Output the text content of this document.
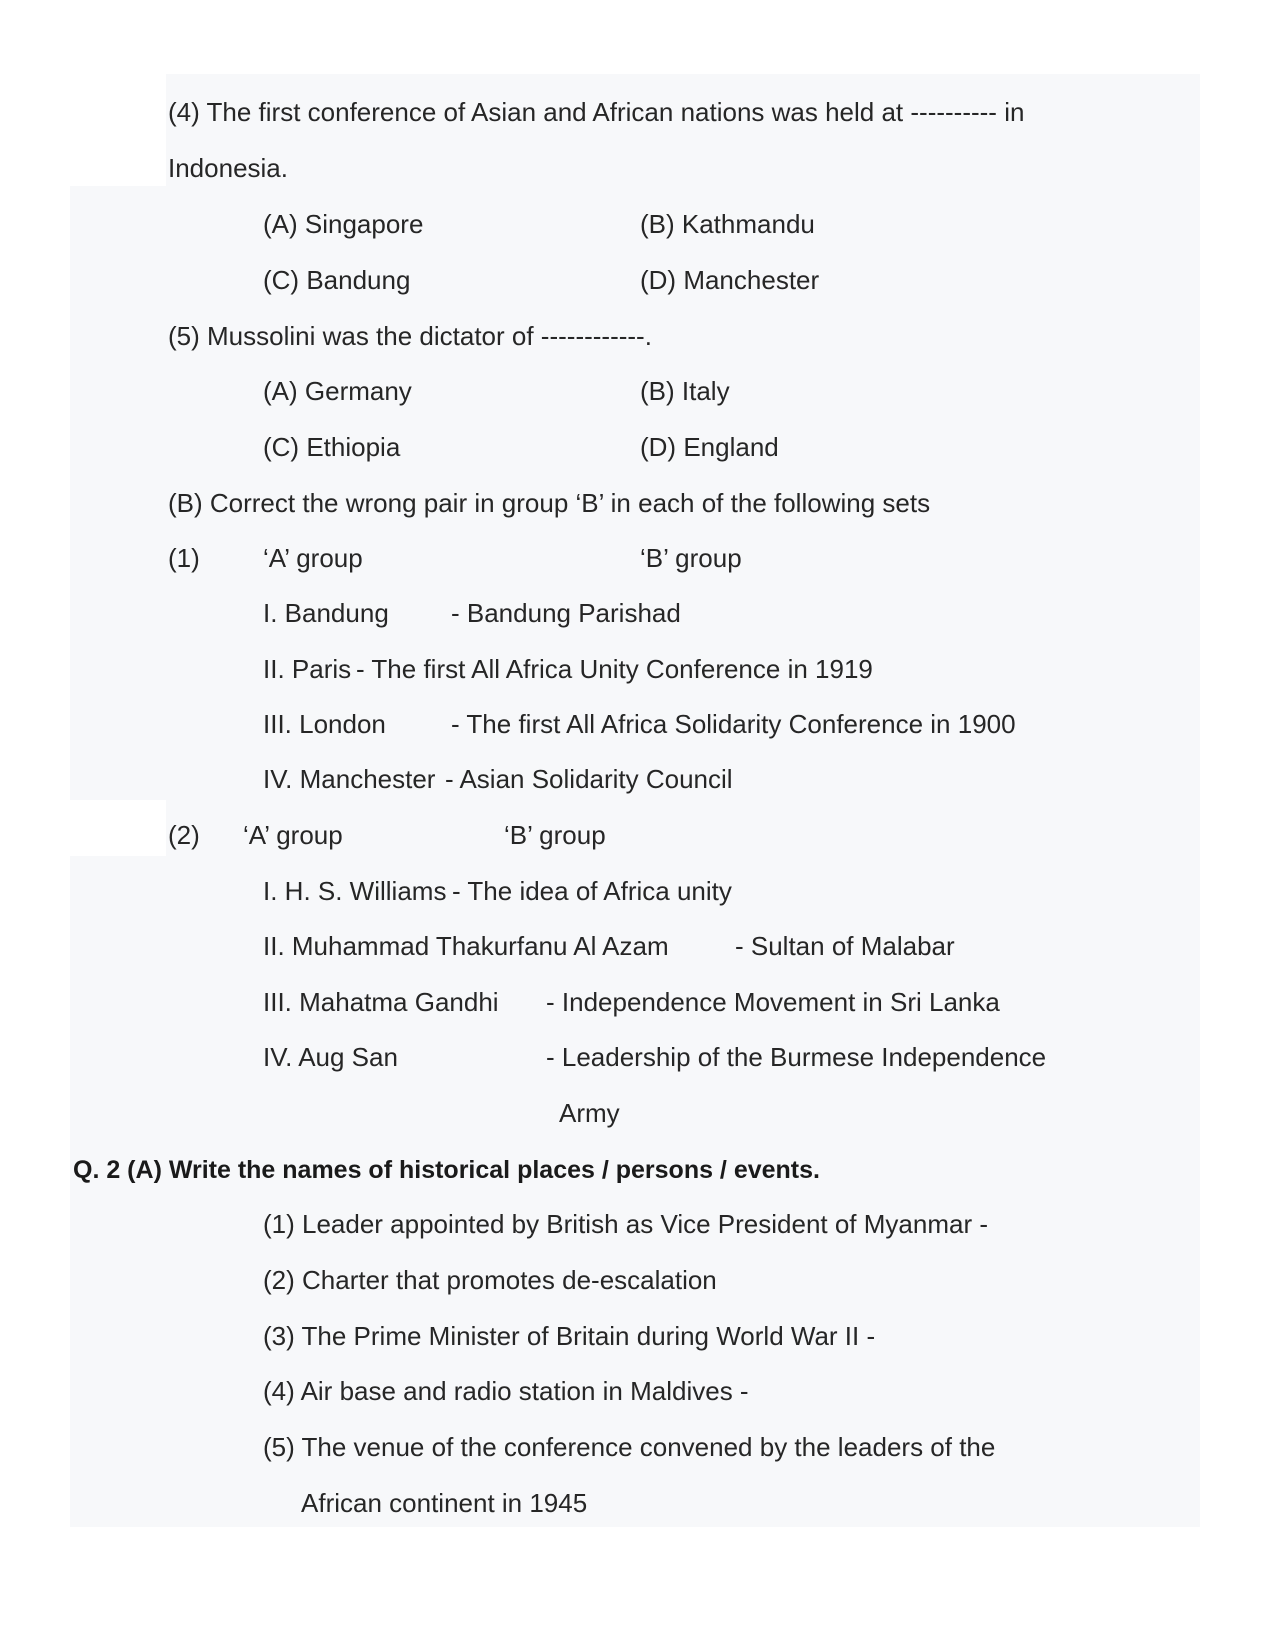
(4) The first conference of Asian and African nations was held at ---------- in
Indonesia.
(A) Singapore	(B) Kathmandu
(C) Bandung	(D) Manchester
(5) Mussolini was the dictator of ------------.
(A) Germany	(B) Italy
(C) Ethiopia	(D) England
(B) Correct the wrong pair in group ‘B’ in each of the following sets
(1) ‘A’ group	‘B’ group
I. Bandung - Bandung Parishad
II. Paris - The first All Africa Unity Conference in 1919
III. London	- The first All Africa Solidarity Conference in 1900
IV. Manchester - Asian Solidarity Council
(2) ‘A’ group	‘B’ group
I. H. S. Williams - The idea of Africa unity
II. Muhammad Thakurfanu Al Azam	- Sultan of Malabar
III. Mahatma Gandhi - Independence Movement in Sri Lanka
IV. Aug San	- Leadership of the Burmese Independence
Army
Q. 2 (A) Write the names of historical places / persons / events.
(1) Leader appointed by British as Vice President of Myanmar -
(2) Charter that promotes de-escalation
(3) The Prime Minister of Britain during World War II -
(4) Air base and radio station in Maldives -
(5) The venue of the conference convened by the leaders of the
African continent in 1945
